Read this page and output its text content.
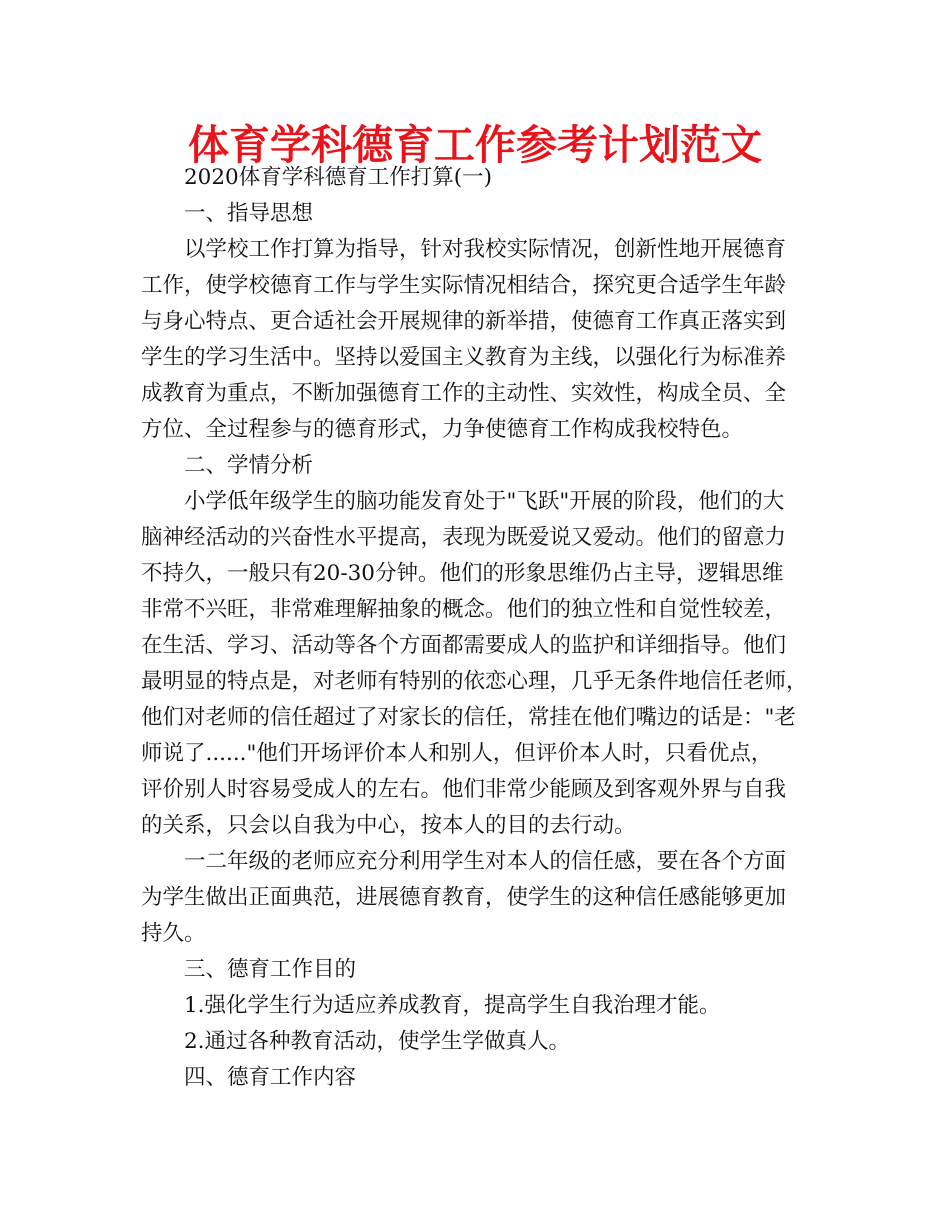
体育学科德育工作参考计划范文

2020体育学科德育工作打算(一)

一、指导思想

以学校工作打算为指导，针对我校实际情况，创新性地开展德育
工作，使学校德育工作与学生实际情况相结合，探究更合适学生年龄
与身心特点、更合适社会开展规律的新举措，使德育工作真正落实到
学生的学习生活中。坚持以爱国主义教育为主线，以强化行为标准养
成教育为重点，不断加强德育工作的主动性、实效性，构成全员、全
方位、全过程参与的德育形式，力争使德育工作构成我校特色。

二、学情分析

小学低年级学生的脑功能发育处于"飞跃"开展的阶段，他们的大
脑神经活动的兴奋性水平提高，表现为既爱说又爱动。他们的留意力
不持久，一般只有20-30分钟。他们的形象思维仍占主导，逻辑思维
非常不兴旺，非常难理解抽象的概念。他们的独立性和自觉性较差，
在生活、学习、活动等各个方面都需要成人的监护和详细指导。他们
最明显的特点是，对老师有特别的依恋心理，几乎无条件地信任老师，
他们对老师的信任超过了对家长的信任，常挂在他们嘴边的话是："老
师说了......"他们开场评价本人和别人，但评价本人时，只看优点，
评价别人时容易受成人的左右。他们非常少能顾及到客观外界与自我
的关系，只会以自我为中心，按本人的目的去行动。
一二年级的老师应充分利用学生对本人的信任感，要在各个方面
为学生做出正面典范，进展德育教育，使学生的这种信任感能够更加
持久。

三、德育工作目的

1.强化学生行为适应养成教育，提高学生自我治理才能。

2.通过各种教育活动，使学生学做真人。

四、德育工作内容
